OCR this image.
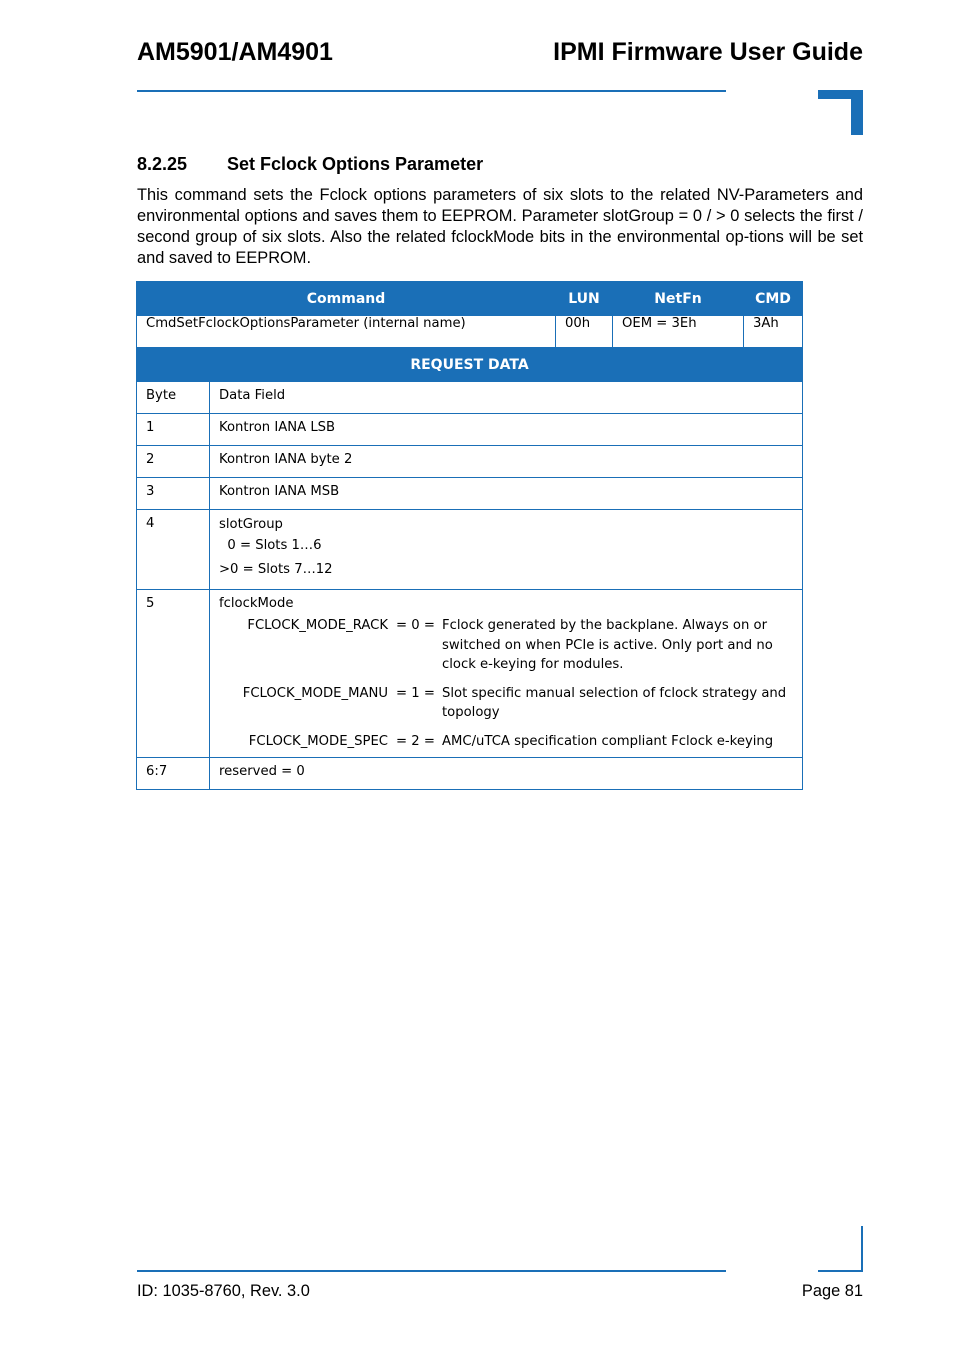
AM5901/AM4901	IPMI Firmware User Guide
8.2.25 Set Fclock Options Parameter
This command sets the Fclock options parameters of six slots to the related NV-Parameters and environmental options and saves them to EEPROM. Parameter slotGroup = 0 / > 0 selects the first / second group of six slots. Also the related fclockMode bits in the environmental op-tions will be set and saved to EEPROM.
Command	LUN	NetFn	CMD
CmdSetFclockOptionsParameter (internal name)	00h	OEM = 3Eh	3Ah
REQUEST DATA
Byte	Data Field
1	Kontron IANA LSB
2	Kontron IANA byte 2
3	Kontron IANA MSB
4	slotGroup
0 = Slots 1…6
>0 = Slots 7…12

5	fclockMode
FCLOCK_MODE_RACK	= 0 =	Fclock generated by the backplane. Always on or switched on when PCIe is active. Only port and no clock e-keying for modules.
FCLOCK_MODE_MANU	= 1 =	Slot specific manual selection of fclock strategy and topology
FCLOCK_MODE_SPEC	= 2 =	AMC/uTCA specification compliant Fclock e-keying

6:7	reserved = 0
ID: 1035-8760, Rev. 3.0	Page 81
